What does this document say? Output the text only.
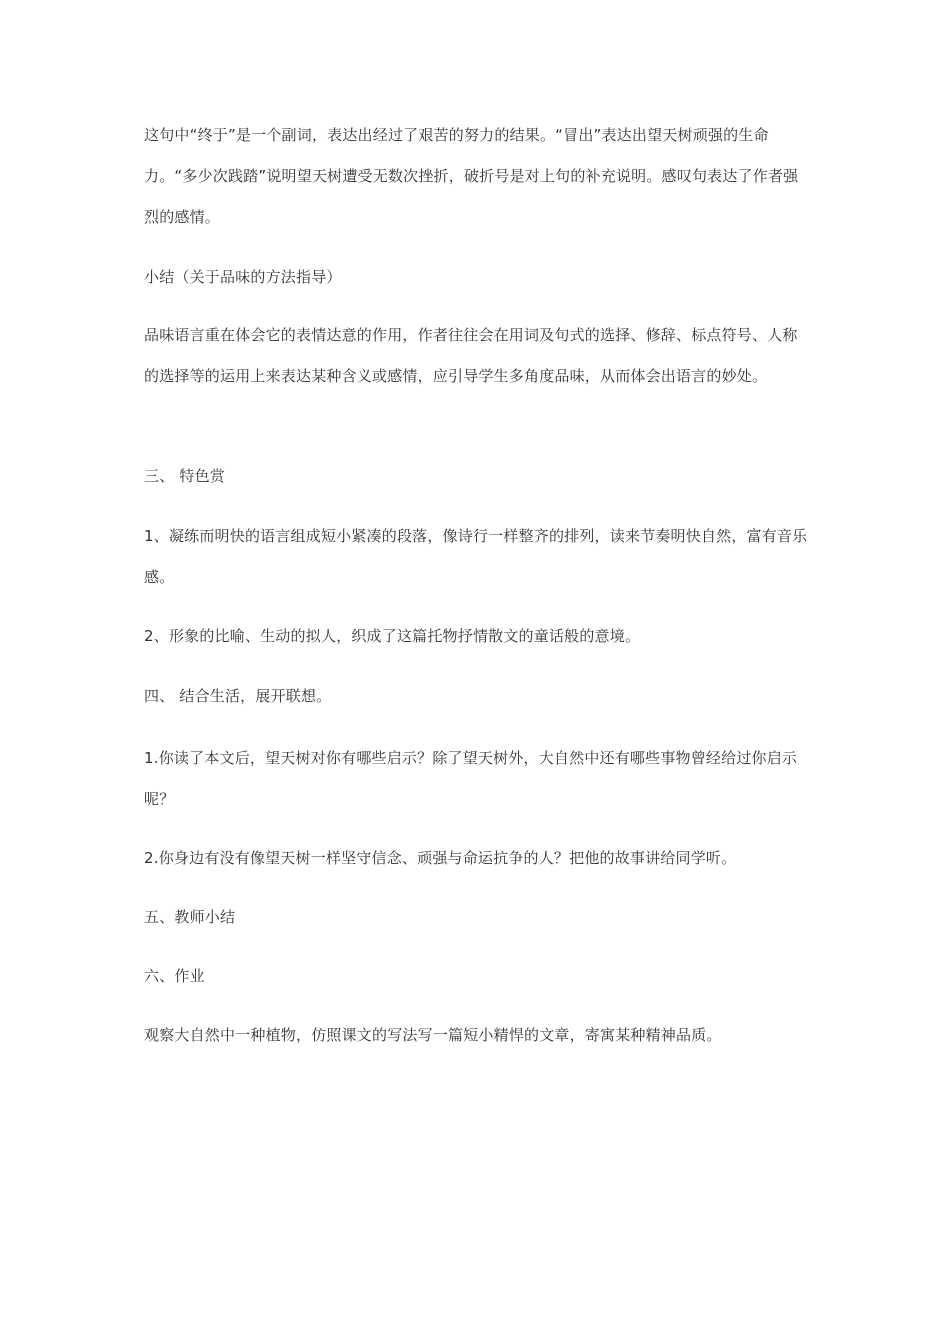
这句中“终于”是一个副词，表达出经过了艰苦的努力的结果。“冒出”表达出望天树顽强的生命力。“多少次践踏”说明望天树遭受无数次挫折，破折号是对上句的补充说明。感叹句表达了作者强烈的感情。

小结（关于品味的方法指导）

品味语言重在体会它的表情达意的作用，作者往往会在用词及句式的选择、修辞、标点符号、人称的选择等的运用上来表达某种含义或感情，应引导学生多角度品味，从而体会出语言的妙处。

三、 特色赏

1、凝练而明快的语言组成短小紧凑的段落，像诗行一样整齐的排列，读来节奏明快自然，富有音乐感。

2、形象的比喻、生动的拟人，织成了这篇托物抒情散文的童话般的意境。

四、 结合生活，展开联想。

1.你读了本文后，望天树对你有哪些启示？除了望天树外，大自然中还有哪些事物曾经给过你启示呢？

2.你身边有没有像望天树一样坚守信念、顽强与命运抗争的人？把他的故事讲给同学听。

五、教师小结

六、作业

观察大自然中一种植物，仿照课文的写法写一篇短小精悍的文章，寄寓某种精神品质。
